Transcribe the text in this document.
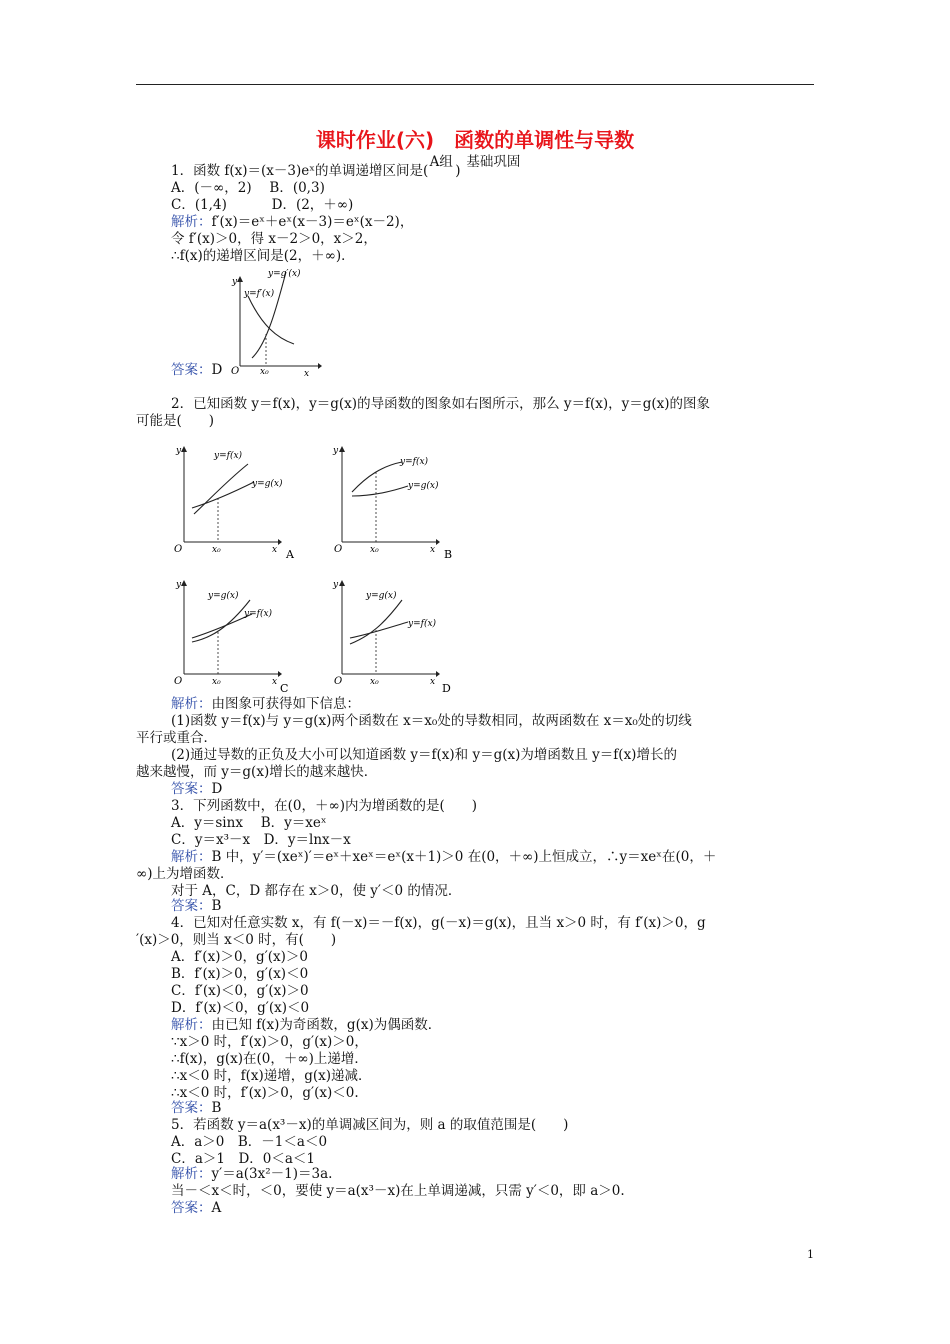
课时作业(六)　函数的单调性与导数
A组　基础巩固
1．函数 f(x)＝(x－3)eˣ的单调递增区间是(　　)
A．(－∞，2)　 B．(0,3)
C．(1,4)　　　 D．(2，＋∞)
解析：f′(x)＝eˣ＋eˣ(x－3)＝eˣ(x－2)，
令 f′(x)＞0，得 x－2＞0，x＞2，
∴f(x)的递增区间是(2，＋∞)．
y=g′(x)
y=f′(x)
y
O x₀	x
答案：D
2．已知函数 y＝f(x)，y＝g(x)的导函数的图象如右图所示，那么 y＝f(x)，y＝g(x)的图象
可能是(　　)
y=f(x)
y=g(x)
y
O	x₀	x A
y=f(x)
y=g(x)
y
O	x₀	x B
y=g(x)
y=f(x)
y
O	x₀	x C
y=g(x)
y=f(x)
y
O	x₀	x D
解析：由图象可获得如下信息：
(1)函数 y＝f(x)与 y＝g(x)两个函数在 x＝x₀处的导数相同，故两函数在 x＝x₀处的切线
平行或重合．
(2)通过导数的正负及大小可以知道函数 y＝f(x)和 y＝g(x)为增函数且 y＝f(x)增长的
越来越慢，而 y＝g(x)增长的越来越快．
答案：D
3．下列函数中，在(0，＋∞)内为增函数的是(　　)
A．y＝sinx　 B．y＝xeˣ
C．y＝x³－x　D．y＝lnx－x
解析：B 中，y′＝(xeˣ)′＝eˣ＋xeˣ＝eˣ(x＋1)＞0 在(0，＋∞)上恒成立，∴y＝xeˣ在(0，＋
∞)上为增函数．
对于 A，C，D 都存在 x＞0，使 y′＜0 的情况．
答案：B
4．已知对任意实数 x，有 f(－x)＝－f(x)，g(－x)＝g(x)，且当 x＞0 时，有 f′(x)＞0，g
′(x)＞0，则当 x＜0 时，有(　　)
A．f′(x)＞0，g′(x)＞0
B．f′(x)＞0，g′(x)＜0
C．f′(x)＜0，g′(x)＞0
D．f′(x)＜0，g′(x)＜0
解析：由已知 f(x)为奇函数，g(x)为偶函数．
∵x＞0 时，f′(x)＞0，g′(x)＞0，
∴f(x)，g(x)在(0，＋∞)上递增．
∴x＜0 时，f(x)递增，g(x)递减．
∴x＜0 时，f′(x)＞0，g′(x)＜0.
答案：B
5．若函数 y＝a(x³－x)的单调减区间为，则 a 的取值范围是(　　)
A．a＞0　B．－1＜a＜0
C．a＞1　D．0＜a＜1
解析：y′＝a(3x²－1)＝3a.
当－＜x＜时，＜0，要使 y＝a(x³－x)在上单调递减，只需 y′＜0，即 a＞0.
答案：A
1
